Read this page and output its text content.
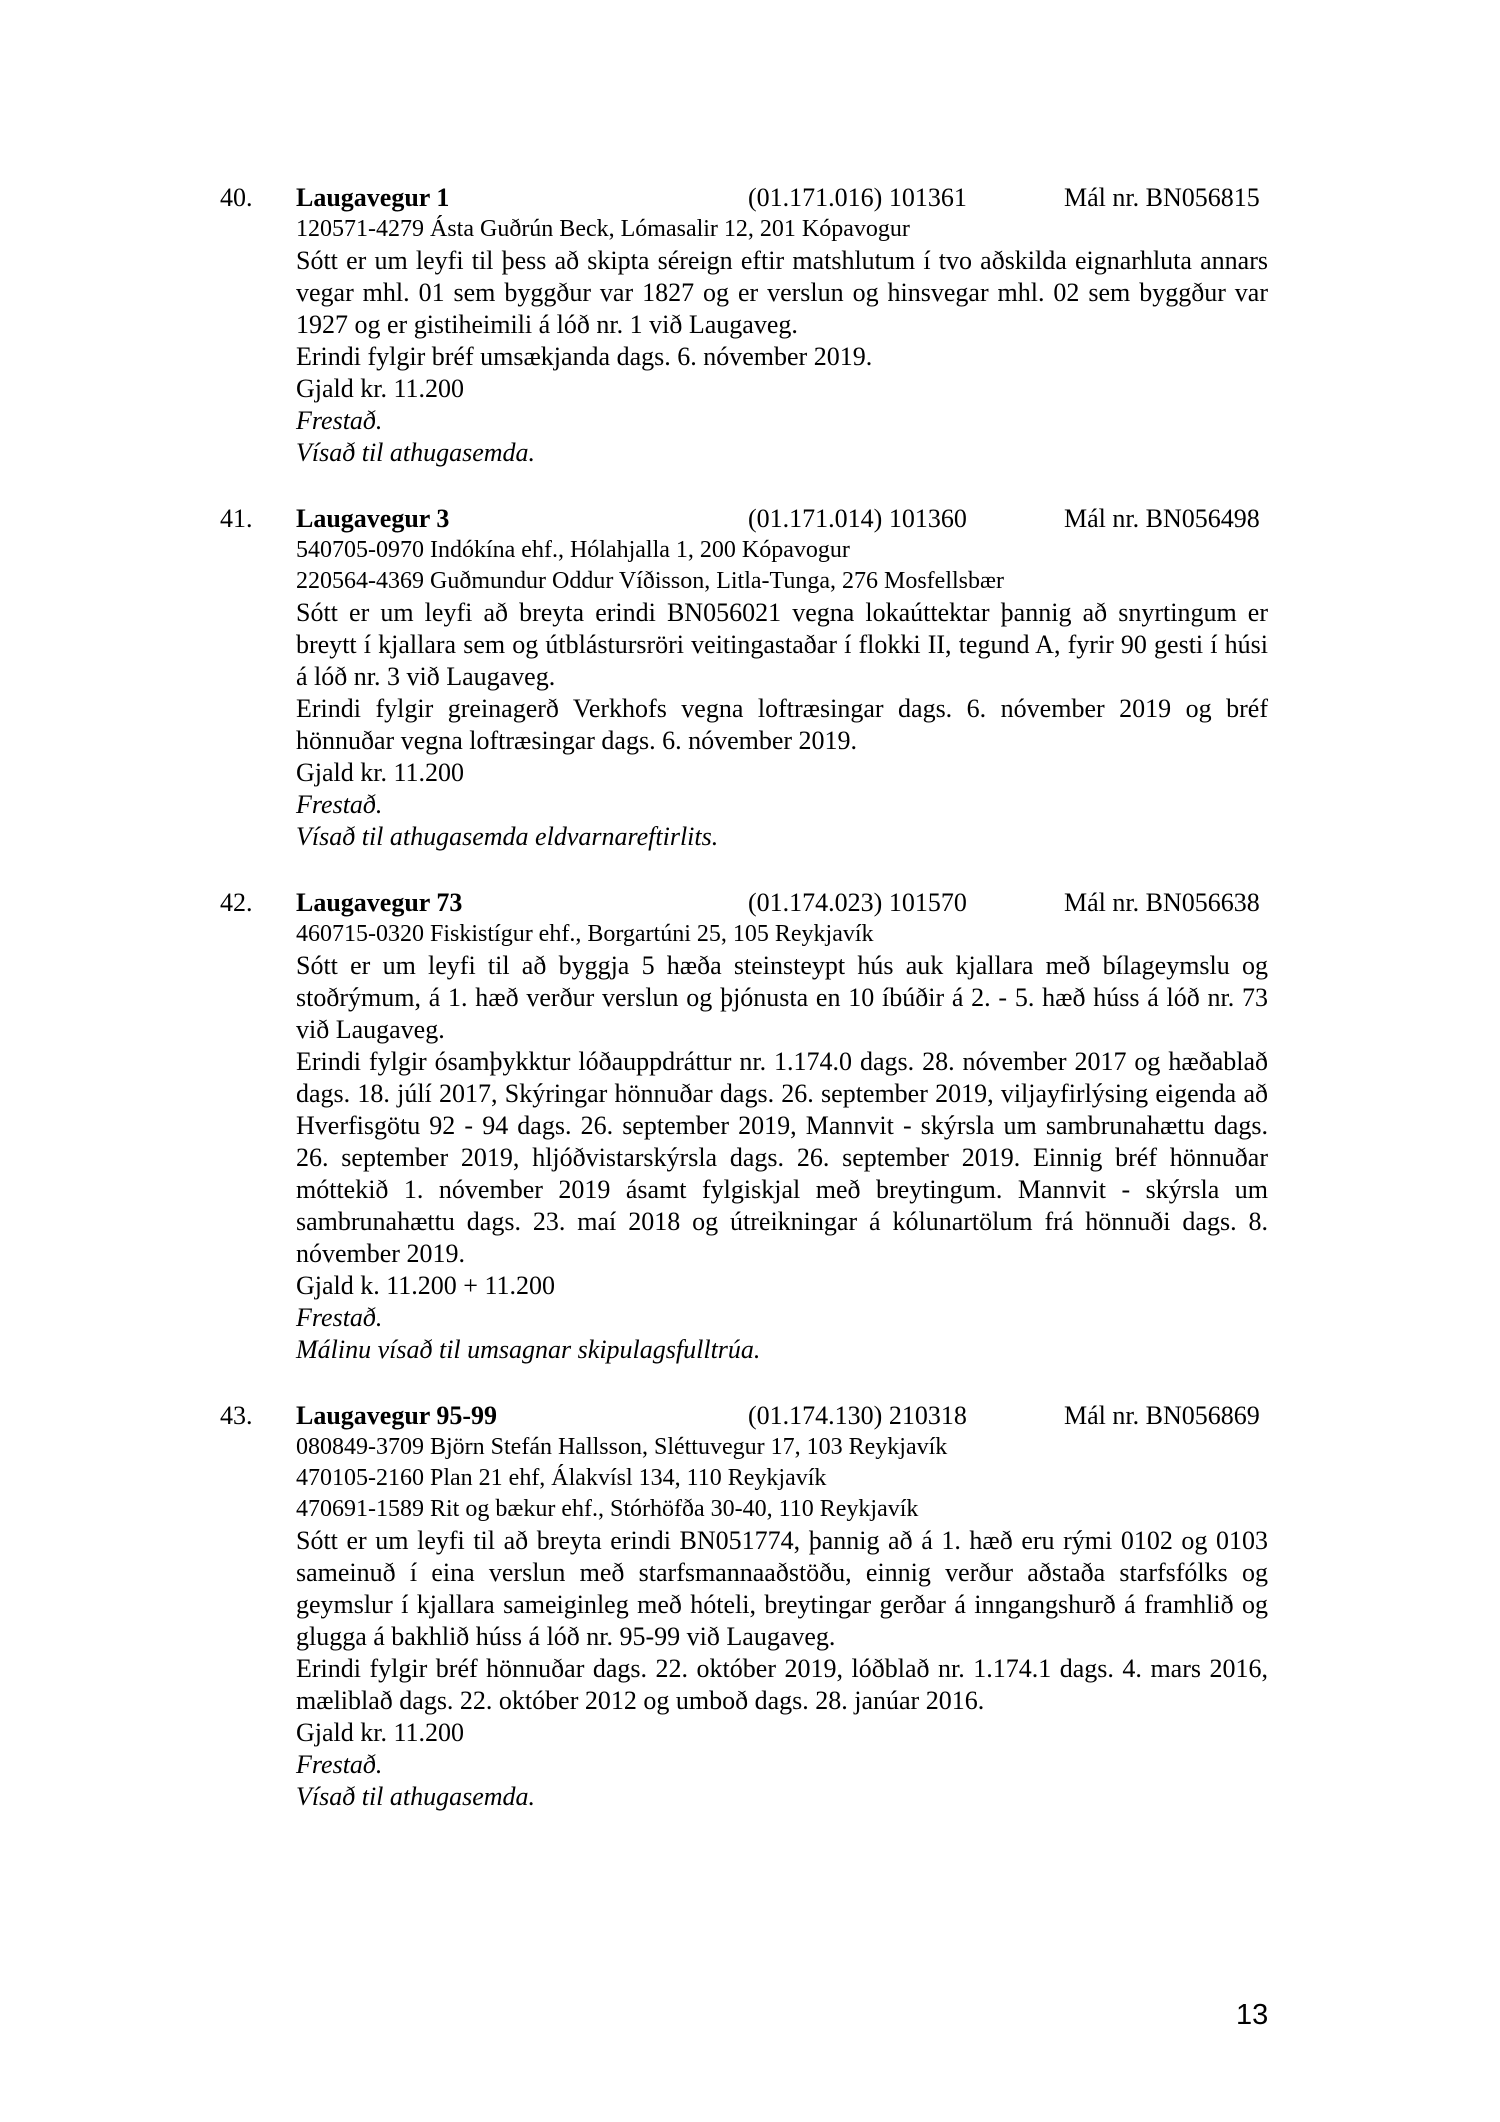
40.	Laugavegur 1	(01.171.016) 101361	Mál nr. BN056815
120571-4279 Ásta Guðrún Beck, Lómasalir 12, 201 Kópavogur
Sótt er um leyfi til þess að skipta séreign eftir matshlutum í tvo aðskilda eignarhluta annars vegar mhl. 01 sem byggður var 1827 og er verslun og hinsvegar mhl. 02 sem byggður var 1927 og er gistiheimili á lóð nr. 1 við Laugaveg.
Erindi fylgir bréf umsækjanda dags. 6. nóvember 2019.
Gjald kr. 11.200
Frestað.
Vísað til athugasemda.
41.	Laugavegur 3	(01.171.014) 101360	Mál nr. BN056498
540705-0970 Indókína ehf., Hólahjalla 1, 200 Kópavogur
220564-4369 Guðmundur Oddur Víðisson, Litla-Tunga, 276 Mosfellsbær
Sótt er um leyfi að breyta erindi BN056021 vegna lokaúttektar þannig að snyrtingum er breytt í kjallara sem og útblástursröri veitingastaðar í flokki II, tegund A, fyrir 90 gesti í húsi á lóð nr. 3 við Laugaveg.
Erindi fylgir greinagerð Verkhofs vegna loftræsingar dags. 6. nóvember 2019 og bréf hönnuðar vegna loftræsingar dags. 6. nóvember 2019.
Gjald kr. 11.200
Frestað.
Vísað til athugasemda eldvarnareftirlits.
42.	Laugavegur 73	(01.174.023) 101570	Mál nr. BN056638
460715-0320 Fiskistígur ehf., Borgartúni 25, 105 Reykjavík
Sótt er um leyfi til að byggja 5 hæða steinsteypt hús auk kjallara með bílageymslu og stoðrýmum, á 1. hæð verður verslun og þjónusta en 10 íbúðir á 2. - 5. hæð húss á lóð nr. 73 við Laugaveg.
Erindi fylgir ósamþykktur lóðauppdráttur nr. 1.174.0 dags. 28. nóvember 2017 og hæðablað dags. 18. júlí 2017, Skýringar hönnuðar dags. 26. september 2019, viljayfirlýsing eigenda að Hverfisgötu 92 - 94 dags. 26. september 2019, Mannvit - skýrsla um sambrunahættu dags. 26. september 2019, hljóðvistarskýrsla dags. 26. september 2019. Einnig bréf hönnuðar móttekið 1. nóvember 2019 ásamt fylgiskjal með breytingum. Mannvit - skýrsla um sambrunahættu dags. 23. maí 2018 og útreikningar á kólunartölum frá hönnuði dags. 8. nóvember 2019.
Gjald k. 11.200 + 11.200
Frestað.
Málinu vísað til umsagnar skipulagsfulltrúa.
43.	Laugavegur 95-99	(01.174.130) 210318	Mál nr. BN056869
080849-3709 Björn Stefán Hallsson, Sléttuvegur 17, 103 Reykjavík
470105-2160 Plan 21 ehf, Álakvísl 134, 110 Reykjavík
470691-1589 Rit og bækur ehf., Stórhöfða 30-40, 110 Reykjavík
Sótt er um leyfi til að breyta erindi BN051774, þannig að á 1. hæð eru rými 0102 og 0103 sameinuð í eina verslun með starfsmannaaðstöðu, einnig verður aðstaða starfsfólks og geymslur í kjallara sameiginleg með hóteli, breytingar gerðar á inngangshurð á framhlið og glugga á bakhlið húss á lóð nr. 95-99 við Laugaveg.
Erindi fylgir bréf hönnuðar dags. 22. október 2019, lóðblað nr. 1.174.1 dags. 4. mars 2016, mæliblað dags. 22. október 2012 og umboð dags. 28. janúar 2016.
Gjald kr. 11.200
Frestað.
Vísað til athugasemda.
13
